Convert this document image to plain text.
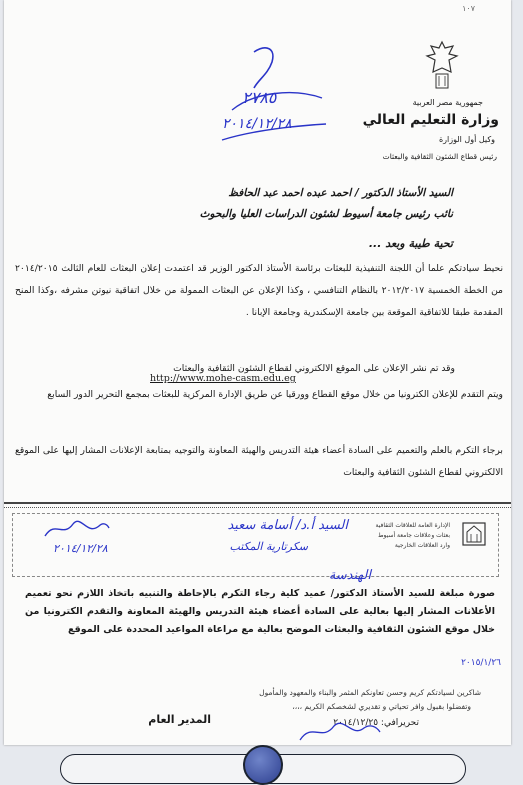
١٠٧
جمهورية مصر العربية
وزارة التعليم العالي
وكيل أول الوزارة
رئيس قطاع الشئون الثقافية والبعثات
٢٧٨٥
٢٠١٤/١٢/٢٨
السيد الأستاذ الدكتور / احمد عبده احمد عبد الحافظ
نائب رئيس جامعة أسيوط لشئون الدراسات العليا والبحوث
تحية طيبة وبعد ...
نحيط سيادتكم علما أن اللجنة التنفيذية للبعثات برئاسة الأستاذ الدكتور الوزير قد اعتمدت إعلان البعثات للعام الثالث ٢٠١٤/٢٠١٥ من الخطة الخمسية ٢٠١٢/٢٠١٧ بالنظام التنافسي ، وكذا الإعلان عن البعثات الممولة من خلال اتفاقية نيوتن مشرفه ،وكذا المنح المقدمة طبقا للاتفاقية الموقعة بين جامعة الإسكندرية وجامعة الإبانا .
وقد تم نشر الإعلان على الموقع الالكتروني لقطاع الشئون الثقافية والبعثات
http://www.mohe-casm.edu.eg
ويتم التقدم للإعلان الكترونيا من خلال موقع القطاع وورقيا عن طريق الإدارة المركزية للبعثات بمجمع التحرير الدور السابع
برجاء التكرم بالعلم والتعميم على السادة أعضاء هيئة التدريس والهيئة المعاونة والتوجيه بمتابعة الإعلانات المشار إليها على الموقع الالكتروني لقطاع الشئون الثقافية والبعثات
الإدارة العامة للعلاقات الثقافية
بعثات وعلاقات جامعة أسيوط
وارد العلاقات الخارجية
السيد أ.د/ أسامة سعيد
سكرتارية المكتب
٢٠١٤/١٢/٢٨
الهندسة
صورة مبلغة للسيد الأستاذ الدكتور/ عميد كلية رجاء التكرم بالإحاطة والتنبيه باتخاذ اللازم نحو تعميم الأعلانات المشار إليها بعالية على السادة أعضاء هيئة التدريس والهيئة المعاونة والتقدم الكترونيا من خلال موقع الشئون الثقافية والبعثات الموضح بعالية مع مراعاة المواعيد المحددة على الموقع
٢٠١٥/١/٢٦
شاكرين لسيادتكم كريم وحسن تعاونكم المثمر والبناء والمعهود والمأمول
وتفضلوا بقبول وافر تحياتي و تقديري لشخصكم الكريم ،،،،
تحريرافي: ٢٠١٤/١٢/٢٥
المدير العام
